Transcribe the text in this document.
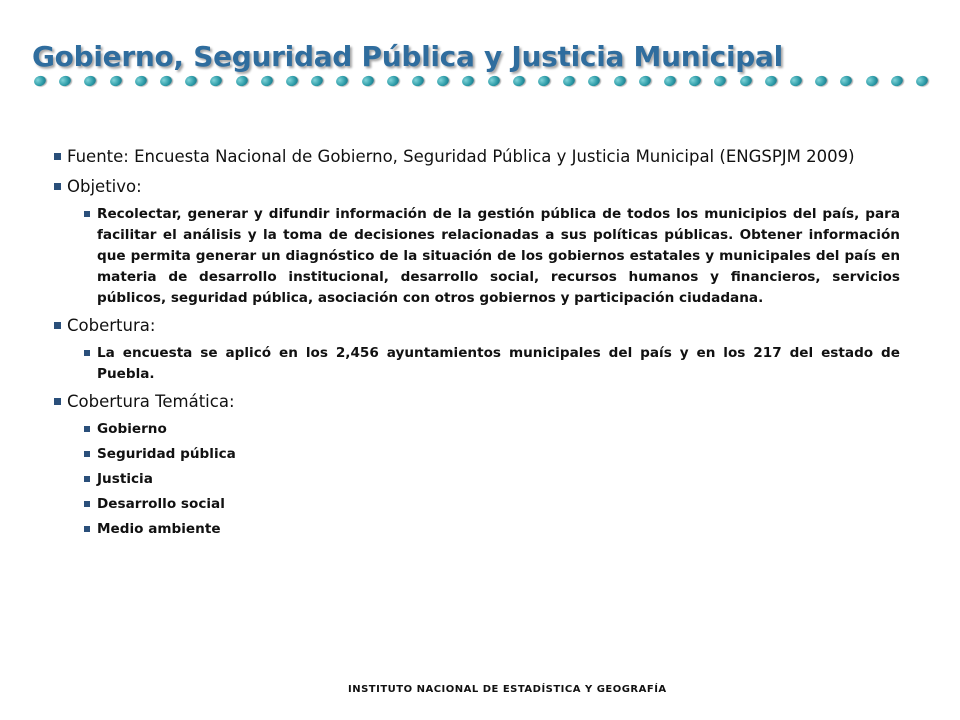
Gobierno, Seguridad Pública y Justicia Municipal
Fuente: Encuesta Nacional de Gobierno, Seguridad Pública y Justicia Municipal (ENGSPJM 2009)
Objetivo:
Recolectar, generar y difundir información de la gestión pública de todos los municipios del país, para facilitar el análisis y la toma de decisiones relacionadas a sus políticas públicas. Obtener información que permita generar un diagnóstico de la situación de los gobiernos estatales y municipales del país en materia de desarrollo institucional, desarrollo social, recursos humanos y financieros, servicios públicos, seguridad pública, asociación con otros gobiernos y participación ciudadana.
Cobertura:
La encuesta se aplicó en los 2,456 ayuntamientos municipales del país y en los 217 del estado de Puebla.
Cobertura Temática:
Gobierno
Seguridad pública
Justicia
Desarrollo social
Medio ambiente
INSTITUTO NACIONAL DE ESTADÍSTICA Y GEOGRAFÍA
